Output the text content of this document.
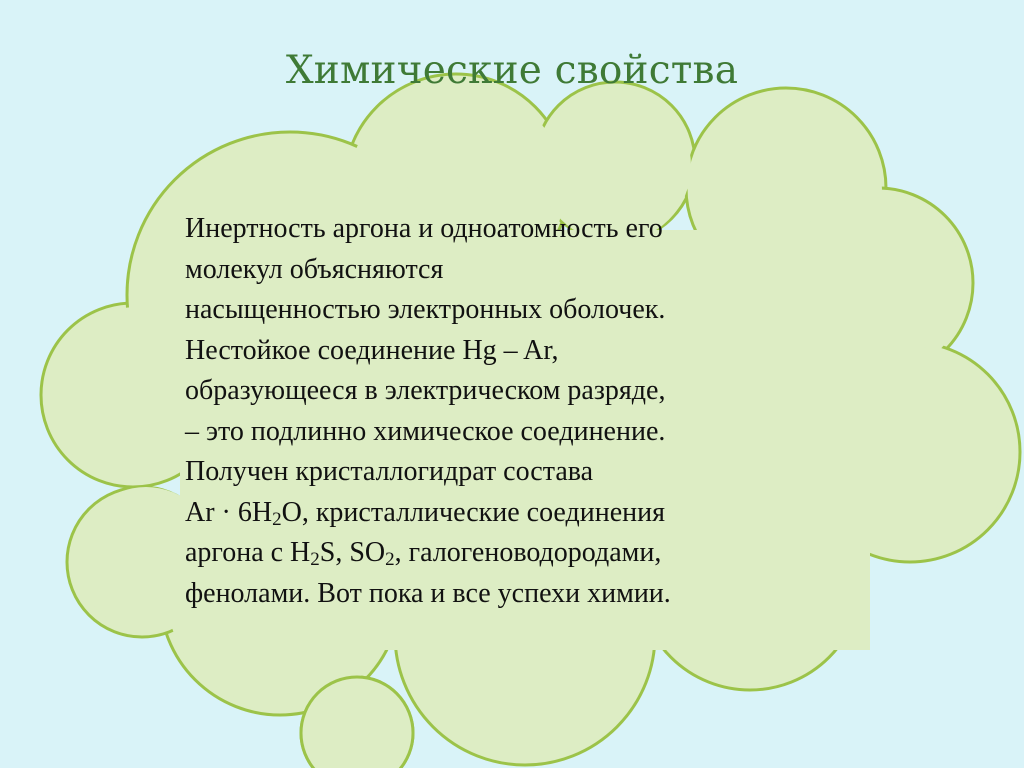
Химические свойства
Инертность аргона и одноатомность его
молекул объясняются
насыщенностью электронных оболочек.
Нестойкое соединение Hg – Ar,
образующееся в электрическом разряде,
– это подлинно химическое соединение.
Получен кристаллогидрат состава
$Ar \cdot 6H_2O$, кристаллические соединения
аргона с $H_2S$, $SO_2$, галогеноводородами,
фенолами. Вот пока и все успехи химии.
